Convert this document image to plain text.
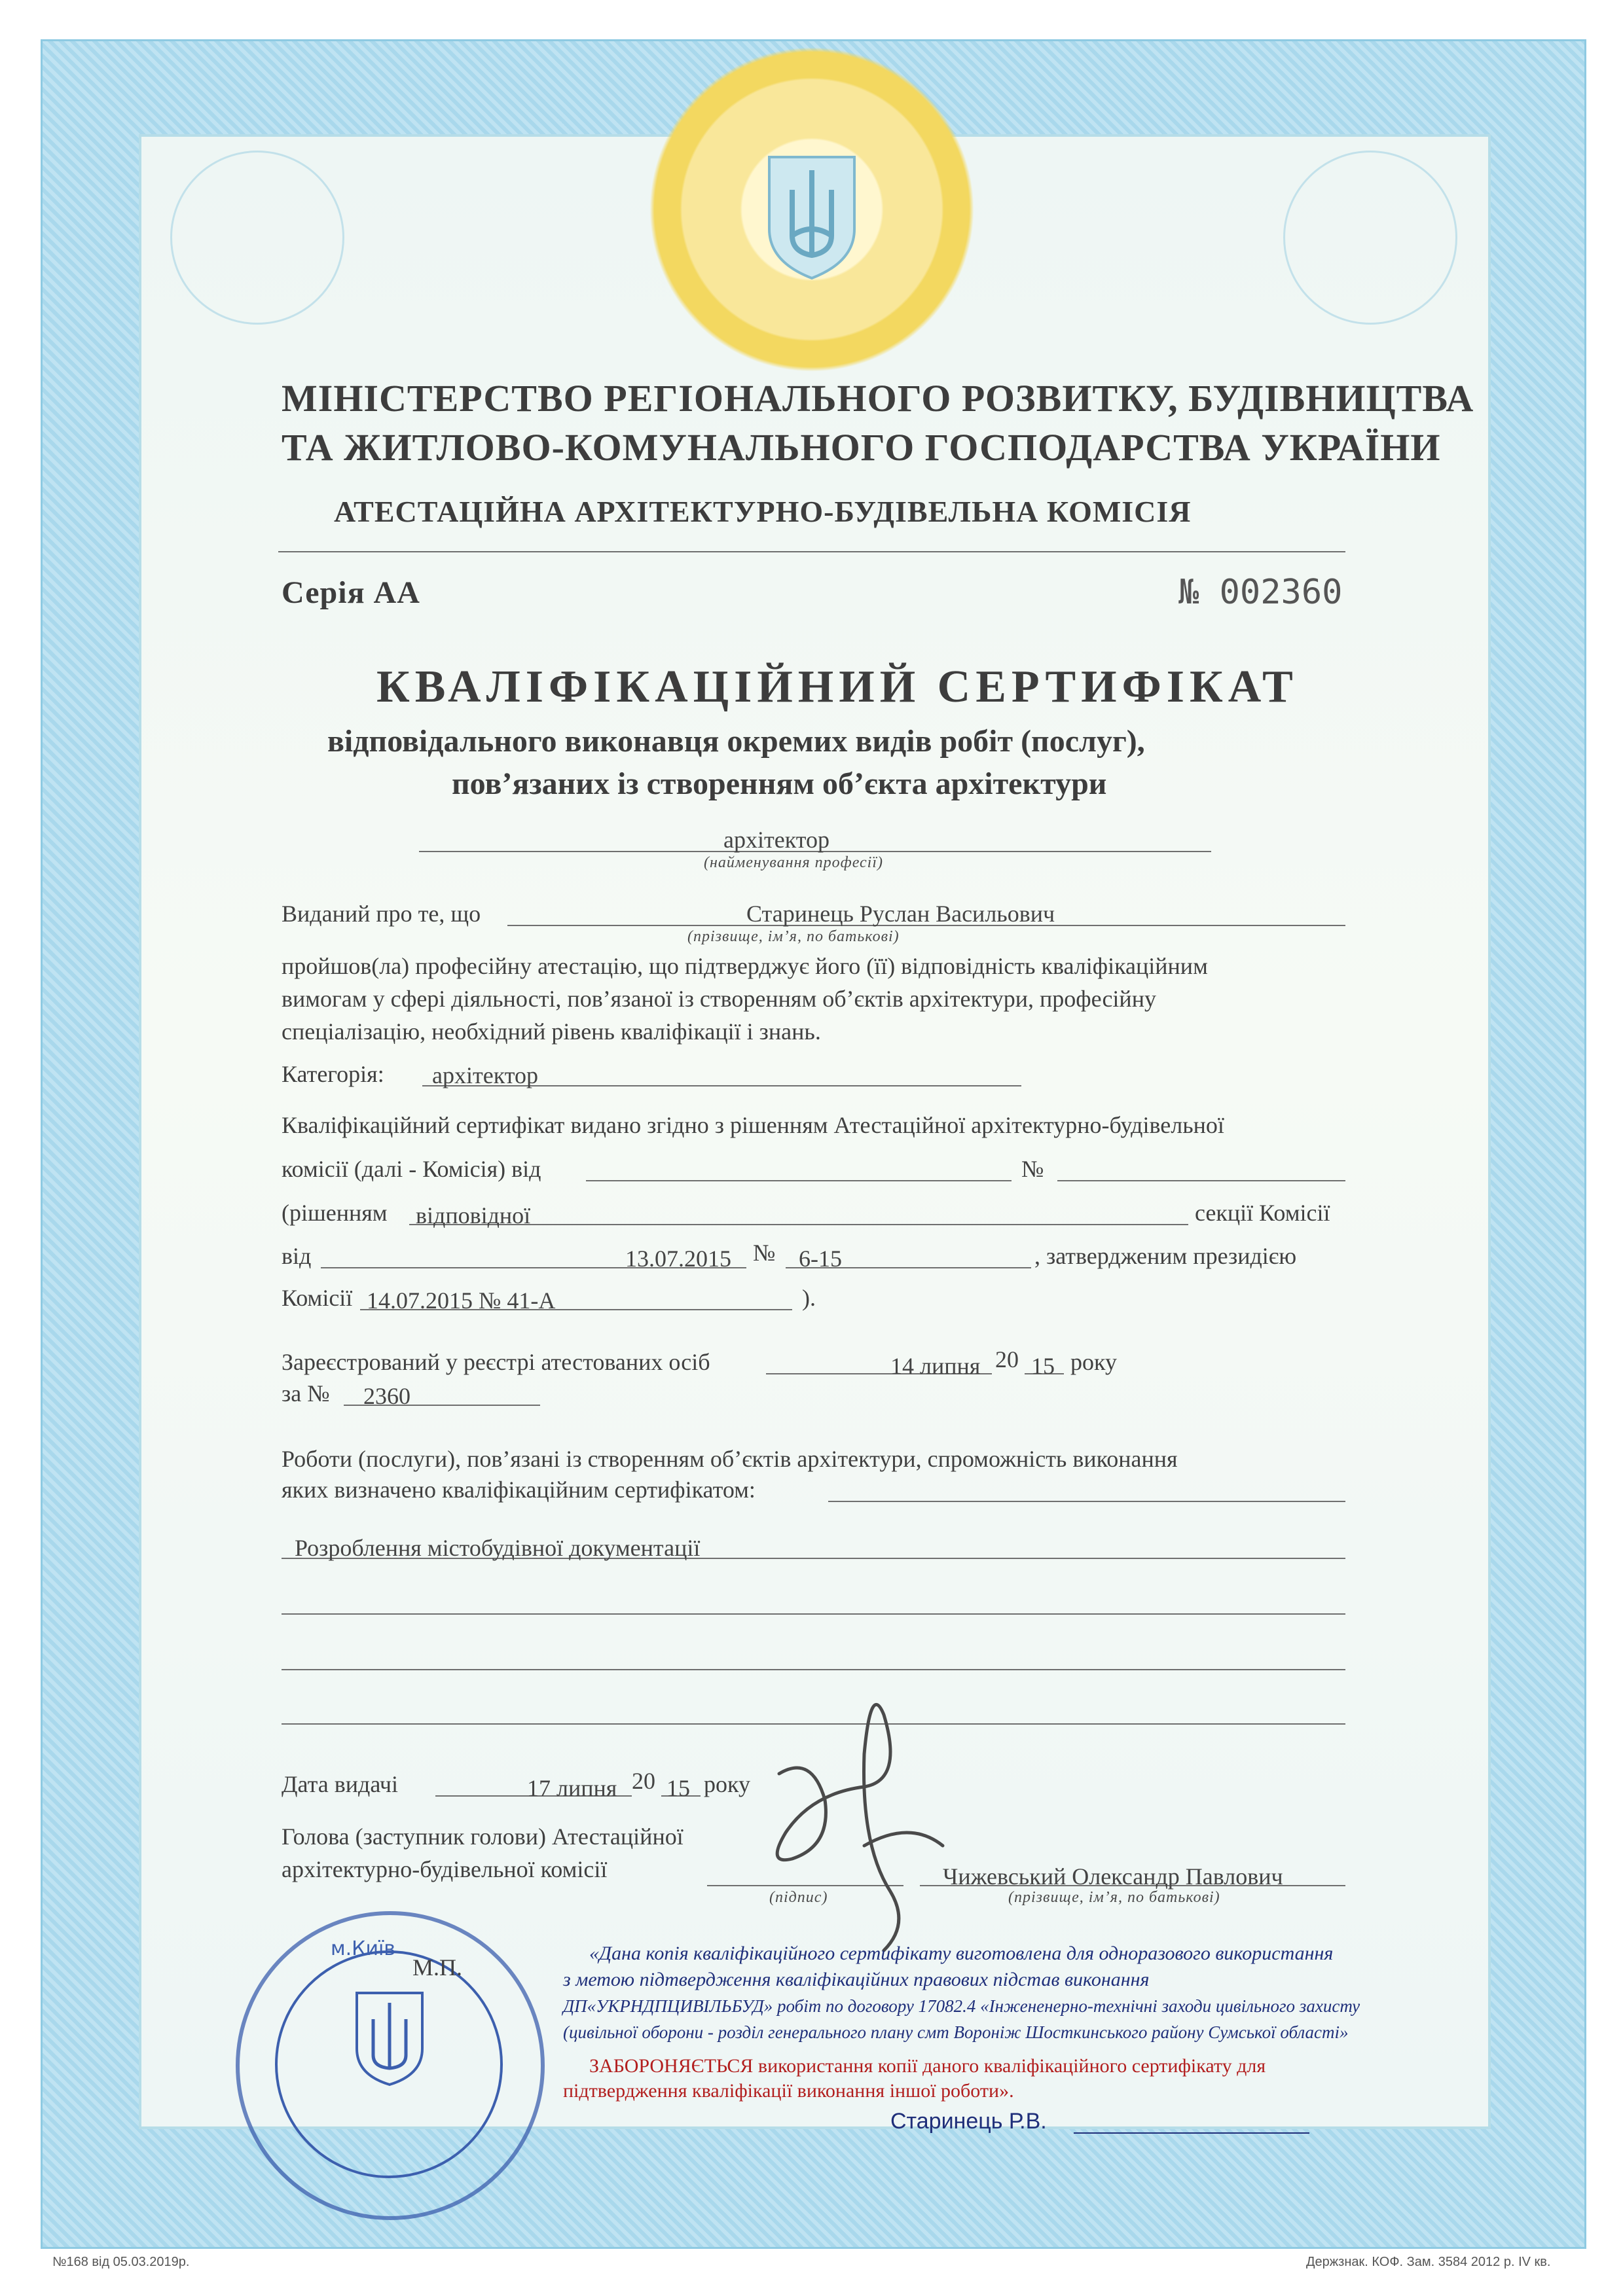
МІНІСТЕРСТВО РЕГІОНАЛЬНОГО РОЗВИТКУ, БУДІВНИЦТВА
ТА ЖИТЛОВО-КОМУНАЛЬНОГО ГОСПОДАРСТВА УКРАЇНИ
АТЕСТАЦІЙНА АРХІТЕКТУРНО-БУДІВЕЛЬНА КОМІСІЯ
Серія АА	№ 002360
КВАЛІФІКАЦІЙНИЙ СЕРТИФІКАТ
відповідального виконавця окремих видів робіт (послуг),
пов’язаних із створенням об’єкта архітектури
архітектор
(найменування професії)
Виданий про те, що	Старинець Руслан Васильович
(прізвище, ім’я, по батькові)
пройшов(ла) професійну атестацію, що підтверджує його (її) відповідність кваліфікаційним
вимогам у сфері діяльності, пов’язаної із створенням об’єктів архітектури, професійну
спеціалізацію, необхідний рівень кваліфікації і знань.
Категорія: архітектор
Кваліфікаційний сертифікат видано згідно з рішенням Атестаційної архітектурно-будівельної
комісії (далі - Комісія) від	№
(рішенням відповідної	секції Комісії
від	13.07.2015 № 6-15	, затвердженим президією
Комісії 14.07.2015 № 41-А	).
Зареєстрований у реєстрі атестованих осіб	14 липня 20 15 року
за № 2360
Роботи (послуги), пов’язані із створенням об’єктів архітектури, спроможність виконання
яких визначено кваліфікаційним сертифікатом:
Розроблення містобудівної документації
Дата видачі	17 липня 20 15 року
Голова (заступник голови) Атестаційної
архітектурно-будівельної комісії
(підпис)
Чижевський Олександр Павлович
(прізвище, ім’я, по батькові)
м.Київ
М.П.
«Дана копія кваліфікаційного сертифікату виготовлена для одноразового використання
з метою підтвердження кваліфікаційних правових підстав виконання
ДП«УКРНДПЦИВІЛЬБУД» робіт по договору 17082.4 «Інжененерно-технічні заходи цивільного захисту
(цивільної оборони - розділ генерального плану смт Вороніж Шосткинського району Сумської області»
ЗАБОРОНЯЄТЬСЯ використання копії даного кваліфікаційного сертифікату для
підтвердження кваліфікації виконання іншої роботи».
Старинець Р.В.
№168 від 05.03.2019р.	Держзнак. КОФ. Зам. 3584 2012 р. IV кв.
